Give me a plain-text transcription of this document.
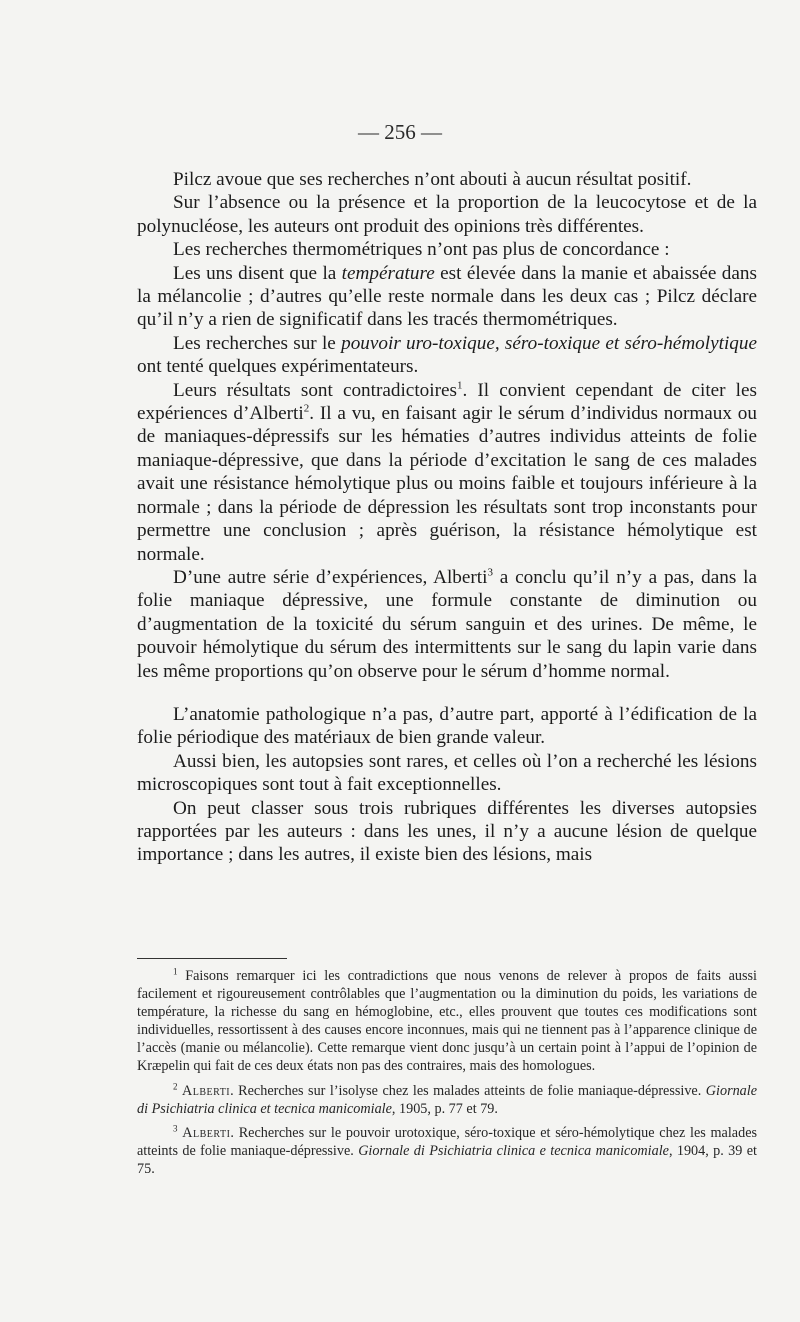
— 256 —

Pilcz avoue que ses recherches n’ont abouti à aucun résultat positif.

Sur l’absence ou la présence et la proportion de la leucocytose et de la polynucléose, les auteurs ont produit des opinions très différentes.

Les recherches thermométriques n’ont pas plus de concordance :

Les uns disent que la température est élevée dans la manie et abaissée dans la mélancolie ; d’autres qu’elle reste normale dans les deux cas ; Pilcz déclare qu’il n’y a rien de significatif dans les tracés thermométriques.

Les recherches sur le pouvoir uro-toxique, séro-toxique et séro-hémolytique ont tenté quelques expérimentateurs.

Leurs résultats sont contradictoires$^1$. Il convient cependant de citer les expériences d’Alberti$^2$. Il a vu, en faisant agir le sérum d’individus normaux ou de maniaques-dépressifs sur les hématies d’autres individus atteints de folie maniaque-dépressive, que dans la période d’excitation le sang de ces malades avait une résistance hémolytique plus ou moins faible et toujours inférieure à la normale ; dans la période de dépression les résultats sont trop inconstants pour permettre une conclusion ; après guérison, la résistance hémolytique est normale.

D’une autre série d’expériences, Alberti$^3$ a conclu qu’il n’y a pas, dans la folie maniaque dépressive, une formule constante de diminution ou d’augmentation de la toxicité du sérum sanguin et des urines. De même, le pouvoir hémolytique du sérum des intermittents sur le sang du lapin varie dans les même proportions qu’on observe pour le sérum d’homme normal.

L’anatomie pathologique n’a pas, d’autre part, apporté à l’édification de la folie périodique des matériaux de bien grande valeur.

Aussi bien, les autopsies sont rares, et celles où l’on a recherché les lésions microscopiques sont tout à fait exceptionnelles.

On peut classer sous trois rubriques différentes les diverses autopsies rapportées par les auteurs : dans les unes, il n’y a aucune lésion de quelque importance ; dans les autres, il existe bien des lésions, mais

$^1$ Faisons remarquer ici les contradictions que nous venons de relever à propos de faits aussi facilement et rigoureusement contrôlables que l’augmentation ou la diminution du poids, les variations de température, la richesse du sang en hémoglobine, etc., elles prouvent que toutes ces modifications sont individuelles, ressortissent à des causes encore inconnues, mais qui ne tiennent pas à l’apparence clinique de l’accès (manie ou mélancolie). Cette remarque vient donc jusqu’à un certain point à l’appui de l’opinion de Kræpelin qui fait de ces deux états non pas des contraires, mais des homologues.

$^2$ Alberti. Recherches sur l’isolyse chez les malades atteints de folie maniaque-dépressive. Giornale di Psichiatria clinica et tecnica manicomiale, 1905, p. 77 et 79.

$^3$ Alberti. Recherches sur le pouvoir urotoxique, séro-toxique et séro-hémolytique chez les malades atteints de folie maniaque-dépressive. Giornale di Psichiatria clinica e tecnica manicomiale, 1904, p. 39 et 75.
